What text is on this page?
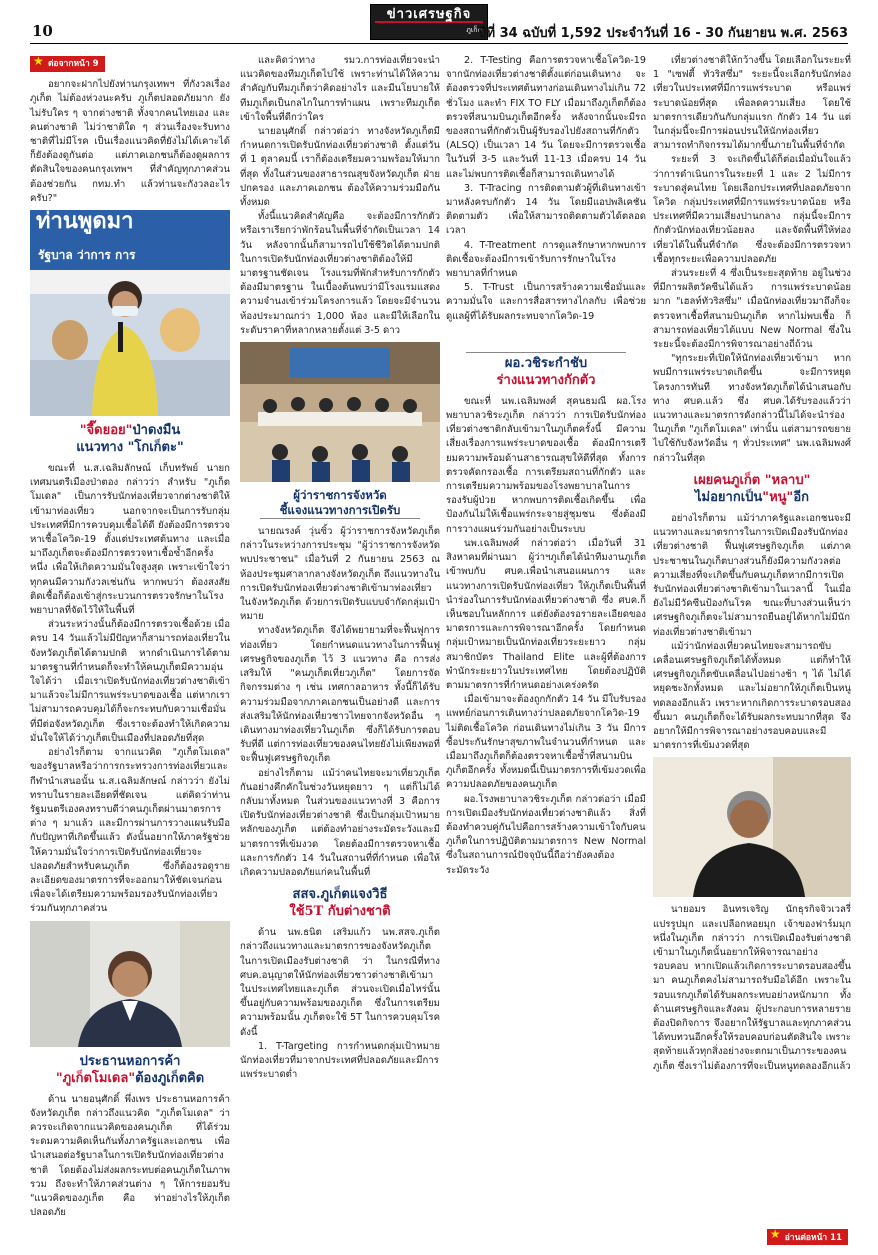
10
ข่าวเศรษฐกิจ
ภูเก็ต
ปีที่ 34 ฉบับที่ 1,592 ประจำวันที่ 16 - 30 กันยายน พ.ศ. 2563
★ ต่อจากหน้า 9

อยากจะฝากไปยังท่านกรุงเทพฯ ที่กังวลเรื่องภูเก็ต ไม่ต้องห่วงนะครับ ภูเก็ตปลอดภัยมาก ยังไม่รับใคร ๆ จากต่างชาติ ทั้งจากคนไทยเอง และคนต่างชาติ ไม่ว่าชาติใด ๆ ส่วนเรื่องจะรับทางชาติที่ไม่มีโรค เป็นเรื่องแนวคิดที่ยังไม่ได้เคาะได้ ก็ยังต้องดูกันต่อ แต่ภาคเอกชนก็ต้องดูผลการตัดสินใจของคนกรุงเทพฯ ที่สำคัญทุกภาคส่วนต้องช่วยกัน กทม.ทำ แล้วท่านจะกังวลอะไรครับ?"

ท่านพูดมา
รัฐบาล ว่าการ การ
"จี๊ดยอย"ป่าดงมืน
แนวทาง "โกเก็ตะ"

ขณะที่ น.ส.เฉลิมลักษณ์ เก็บทรัพย์ นายกเทศมนตรีเมืองป่าตอง กล่าวว่า สำหรับ "ภูเก็ตโมเดล" เป็นการรับนักท่องเที่ยวจากต่างชาติให้เข้ามาท่องเที่ยว นอกจากจะเป็นการรับกลุ่มประเทศที่มีการควบคุมเชื้อได้ดี ยังต้องมีการตรวจหาเชื้อโควิด-19 ตั้งแต่ประเทศต้นทาง และเมื่อมาถึงภูเก็ตจะต้องมีการตรวจหาเชื้อซ้ำอีกครั้งหนึ่ง เพื่อให้เกิดความมั่นใจสูงสุด เพราะเข้าใจว่าทุกคนมีความกังวลเช่นกัน หากพบว่า ต้องสงสัยติดเชื้อก็ต้องเข้าสู่กระบวนการตรวจรักษาในโรงพยาบาลที่จัดไว้ให้ในพื้นที่

ส่วนระหว่างนั้นก็ต้องมีการตรวจเชื้อด้วย เมื่อครบ 14 วันแล้วไม่มีปัญหาก็สามารถท่องเที่ยวในจังหวัดภูเก็ตได้ตามปกติ หากดำเนินการได้ตามมาตรฐานที่กำหนดก็จะทำให้คนภูเก็ตมีความอุ่นใจได้ว่า เมื่อเราเปิดรับนักท่องเที่ยวต่างชาติเข้ามาแล้วจะไม่มีการแพร่ระบาดของเชื้อ แต่หากเราไม่สามารถควบคุมได้ก็จะกระทบกับความเชื่อมั่นที่มีต่อจังหวัดภูเก็ต ซึ่งเราจะต้องทำให้เกิดความมั่นใจให้ได้ว่าภูเก็ตเป็นเมืองที่ปลอดภัยที่สุด

อย่างไรก็ตาม จากแนวคิด "ภูเก็ตโมเดล" ของรัฐบาลหรือว่าการกระทรวงการท่องเที่ยวและกีฬานำเสนอนั้น น.ส.เฉลิมลักษณ์ กล่าวว่า ยังไม่ทราบในรายละเอียดที่ชัดเจน แต่คิดว่าท่านรัฐมนตรีเองคงทราบดีว่าคนภูเก็ตผ่านมาตรการต่าง ๆ มาแล้ว และมีการผ่านการวางแผนรับมือกับปัญหาที่เกิดขึ้นแล้ว ดังนั้นอยากให้ภาครัฐช่วยให้ความมั่นใจว่าการเปิดรับนักท่องเที่ยวจะปลอดภัยสำหรับคนภูเก็ต ซึ่งก็ต้องรอดูรายละเอียดของมาตรการที่จะออกมาให้ชัดเจนก่อน เพื่อจะได้เตรียมความพร้อมรองรับนักท่องเที่ยวร่วมกันทุกภาคส่วน

ประธานหอการค้า
"ภูเก็ตโมเดล"ต้องภูเก็ตคิด

ด้าน นายอนุศักดิ์ พึ่งเพร ประธานหอการค้าจังหวัดภูเก็ต กล่าวถึงแนวคิด "ภูเก็ตโมเดล" ว่า ควรจะเกิดจากแนวคิดของคนภูเก็ต ที่ได้ร่วมระดมความคิดเห็นกันทั้งภาครัฐและเอกชน เพื่อนำเสนอต่อรัฐบาลในการเปิดรับนักท่องเที่ยวต่างชาติ โดยต้องไม่ส่งผลกระทบต่อคนภูเก็ตในภาพรวม ถึงจะทำให้ภาคส่วนต่าง ๆ ให้การยอมรับ "แนวคิดของภูเก็ต คือ ท่าอย่างไรให้ภูเก็ตปลอดภัย

และคิดว่าทาง รมว.การท่องเที่ยวจะนำแนวคิดของทีมภูเก็ตไปใช้ เพราะท่านได้ให้ความสำคัญกับทีมภูเก็ตว่าคิดอย่างไร และมีนโยบายให้ทีมภูเก็ตเป็นกลไกในการทำแผน เพราะทีมภูเก็ตเข้าใจพื้นที่ดีกว่าใคร

นายอนุศักดิ์ กล่าวต่อว่า ทางจังหวัดภูเก็ตมีกำหนดการเปิดรับนักท่องเที่ยวต่างชาติ ตั้งแต่วันที่ 1 ตุลาคมนี้ เราก็ต้องเตรียมความพร้อมให้มากที่สุด ทั้งในส่วนของสาธารณสุขจังหวัดภูเก็ต ฝ่ายปกครอง และภาคเอกชน ต้องให้ความร่วมมือกันทั้งหมด

ทั้งนี้แนวคิดสำคัญคือ จะต้องมีการกักตัว หรือเราเรียกว่าพักร้อนในพื้นที่จำกัดเป็นเวลา 14 วัน หลังจากนั้นก็สามารถไปใช้ชีวิตได้ตามปกติ ในการเปิดรับนักท่องเที่ยวต่างชาติต้องให้มีมาตรฐานชัดเจน โรงแรมที่พักสำหรับการกักตัวต้องมีมาตรฐาน ในเบื้องต้นพบว่ามีโรงแรมแสดงความจำนงเข้าร่วมโครงการแล้ว โดยจะมีจำนวนห้องประมาณกว่า 1,000 ห้อง และมีให้เลือกในระดับราคาที่หลากหลายตั้งแต่ 3-5 ดาว

ผู้ว่าราชการจังหวัด
ชี้แจงแนวทางการเปิดรับ

นายณรงค์ วุ่นซิ้ว ผู้ว่าราชการจังหวัดภูเก็ต กล่าวในระหว่างการประชุม "ผู้ว่าราชการจังหวัดพบประชาชน" เมื่อวันที่ 2 กันยายน 2563 ณ ห้องประชุมศาลากลางจังหวัดภูเก็ต ถึงแนวทางในการเปิดรับนักท่องเที่ยวต่างชาติเข้ามาท่องเที่ยวในจังหวัดภูเก็ต ด้วยการเปิดรับแบบจำกัดกลุ่มเป้าหมาย

ทางจังหวัดภูเก็ต จึงได้พยายามที่จะฟื้นฟูการท่องเที่ยว โดยกำหนดแนวทางในการฟื้นฟูเศรษฐกิจของภูเก็ต ไว้ 3 แนวทาง คือ การส่งเสริมให้ "คนภูเก็ตเที่ยวภูเก็ต" โดยการจัดกิจกรรมต่าง ๆ เช่น เทศกาลอาหาร ทั้งนี้ก็ได้รับความร่วมมือจากภาคเอกชนเป็นอย่างดี และการส่งเสริมให้นักท่องเที่ยวชาวไทยจากจังหวัดอื่น ๆ เดินทางมาท่องเที่ยวในภูเก็ต ซึ่งก็ได้รับการตอบรับที่ดี แต่การท่องเที่ยวของคนไทยยังไม่เพียงพอที่จะฟื้นฟูเศรษฐกิจภูเก็ต

อย่างไรก็ตาม แม้ว่าคนไทยจะมาเที่ยวภูเก็ตกันอย่างคึกคักในช่วงวันหยุดยาว ๆ แต่ก็ไม่ได้กลับมาทั้งหมด ในส่วนของแนวทางที่ 3 คือการเปิดรับนักท่องเที่ยวต่างชาติ ซึ่งเป็นกลุ่มเป้าหมายหลักของภูเก็ต แต่ต้องทำอย่างระมัดระวังและมีมาตรการที่เข้มงวด โดยต้องมีการตรวจหาเชื้อและการกักตัว 14 วันในสถานที่ที่กำหนด เพื่อให้เกิดความปลอดภัยแก่คนในพื้นที่

สสจ.ภูเก็ตแจงวิธี
ใช้5T กับต่างชาติ

ด้าน นพ.ธนิต เสริมแก้ว นพ.สสจ.ภูเก็ต กล่าวถึงแนวทางและมาตรการของจังหวัดภูเก็ตในการเปิดเมืองรับต่างชาติ ว่า ในกรณีที่ทาง ศบค.อนุญาตให้นักท่องเที่ยวชาวต่างชาติเข้ามาในประเทศไทยและภูเก็ต ส่วนจะเปิดเมื่อไหร่นั้นขึ้นอยู่กับความพร้อมของภูเก็ต ซึ่งในการเตรียมความพร้อมนั้น ภูเก็ตจะใช้ 5T ในการควบคุมโรค ดังนี้

1. T-Targeting การกำหนดกลุ่มเป้าหมายนักท่องเที่ยวที่มาจากประเทศที่ปลอดภัยและมีการแพร่ระบาดต่ำ

2. T-Testing คือการตรวจหาเชื้อโควิด-19 จากนักท่องเที่ยวต่างชาติตั้งแต่ก่อนเดินทาง จะต้องตรวจที่ประเทศต้นทางก่อนเดินทางไม่เกิน 72 ชั่วโมง และทำ FIX TO FLY เมื่อมาถึงภูเก็ตก็ต้องตรวจที่สนามบินภูเก็ตอีกครั้ง หลังจากนั้นจะมีรถของสถานที่กักตัวเป็นผู้รับรองไปยังสถานที่กักตัว (ALSQ) เป็นเวลา 14 วัน โดยจะมีการตรวจเชื้อในวันที่ 3-5 และวันที่ 11-13 เมื่อครบ 14 วันและไม่พบการติดเชื้อก็สามารถเดินทางได้

3. T-Tracing การติดตามตัวผู้ที่เดินทางเข้ามาหลังครบกักตัว 14 วัน โดยมีแอปพลิเคชันติดตามตัว เพื่อให้สามารถติดตามตัวได้ตลอดเวลา

4. T-Treatment การดูแลรักษาหากพบการติดเชื้อจะต้องมีการเข้ารับการรักษาในโรงพยาบาลที่กำหนด

5. T-Trust เป็นการสร้างความเชื่อมั่นและความมั่นใจ และการสื่อสารทางไกลกับ เพื่อช่วยดูแลผู้ที่ได้รับผลกระทบจากโควิด-19

ผอ.วชิระกำชับ
ร่างแนวทางกักตัว

ขณะที่ นพ.เฉลิมพงศ์ สุคนธมณี ผอ.โรงพยาบาลวชิระภูเก็ต กล่าวว่า การเปิดรับนักท่องเที่ยวต่างชาติกลับเข้ามาในภูเก็ตครั้งนี้ มีความเสี่ยงเรื่องการแพร่ระบาดของเชื้อ ต้องมีการเตรียมความพร้อมด้านสาธารณสุขให้ดีที่สุด ทั้งการตรวจคัดกรองเชื้อ การเตรียมสถานที่กักตัว และการเตรียมความพร้อมของโรงพยาบาลในการรองรับผู้ป่วย หากพบการติดเชื้อเกิดขึ้น เพื่อป้องกันไม่ให้เชื้อแพร่กระจายสู่ชุมชน ซึ่งต้องมีการวางแผนร่วมกันอย่างเป็นระบบ

นพ.เฉลิมพงศ์ กล่าวต่อว่า เมื่อวันที่ 31 สิงหาคมที่ผ่านมา ผู้ว่าฯภูเก็ตได้นำทีมงานภูเก็ตเข้าพบกับ ศบค.เพื่อนำเสนอแผนการ และแนวทางการเปิดรับนักท่องเที่ยว ให้ภูเก็ตเป็นพื้นที่นำร่องในการรับนักท่องเที่ยวต่างชาติ ซึ่ง ศบค.ก็เห็นชอบในหลักการ แต่ยังต้องรอรายละเอียดของมาตรการและการพิจารณาอีกครั้ง โดยกำหนดกลุ่มเป้าหมายเป็นนักท่องเที่ยวระยะยาว กลุ่มสมาชิกบัตร Thailand Elite และผู้ที่ต้องการพำนักระยะยาวในประเทศไทย โดยต้องปฏิบัติตามมาตรการที่กำหนดอย่างเคร่งครัด

เมื่อเข้ามาจะต้องถูกกักตัว 14 วัน มีใบรับรองแพทย์ก่อนการเดินทางว่าปลอดภัยจากโควิด-19 ไม่ติดเชื้อโควิด ก่อนเดินทางไม่เกิน 3 วัน มีการซื้อประกันรักษาสุขภาพในจำนวนที่กำหนด และเมื่อมาถึงภูเก็ตก็ต้องตรวจหาเชื้อซ้ำที่สนามบินภูเก็ตอีกครั้ง ทั้งหมดนี้เป็นมาตรการที่เข้มงวดเพื่อความปลอดภัยของคนภูเก็ต

ผอ.โรงพยาบาลวชิระภูเก็ต กล่าวต่อว่า เมื่อมีการเปิดเมืองรับนักท่องเที่ยวต่างชาติแล้ว สิ่งที่ต้องทำควบคู่กันไปคือการสร้างความเข้าใจกับคนภูเก็ตในการปฏิบัติตามมาตรการ New Normal ซึ่งในสถานการณ์ปัจจุบันนี้ถือว่ายังคงต้องระมัดระวัง

เที่ยวต่างชาติให้กว้างขึ้น โดยเลือกในระยะที่ 1 "เซฟตี้ ทัวริสซึ่ม" ระยะนี้จะเลือกรับนักท่องเที่ยวในประเทศที่มีการแพร่ระบาด หรือแพร่ระบาดน้อยที่สุด เพื่อลดความเสี่ยง โดยใช้มาตรการเดียวกันกับกลุ่มแรก กักตัว 14 วัน แต่ในกลุ่มนี้จะมีการผ่อนปรนให้นักท่องเที่ยวสามารถทำกิจกรรมได้มากขึ้นภายในพื้นที่จำกัด

ระยะที่ 3 จะเกิดขึ้นได้ก็ต่อเมื่อมั่นใจแล้วว่าการดำเนินการในระยะที่ 1 และ 2 ไม่มีการระบาดสู่คนไทย โดยเลือกประเทศที่ปลอดภัยจากโควิด กลุ่มประเทศที่มีการแพร่ระบาดน้อย หรือ ประเทศที่มีความเสี่ยงปานกลาง กลุ่มนี้จะมีการกักตัวนักท่องเที่ยวน้อยลง และจัดพื้นที่ให้ท่องเที่ยวได้ในพื้นที่จำกัด ซึ่งจะต้องมีการตรวจหาเชื้อทุกระยะเพื่อความปลอดภัย

ส่วนระยะที่ 4 ซึ่งเป็นระยะสุดท้าย อยู่ในช่วงที่มีการผลิตวัคซีนได้แล้ว การแพร่ระบาดน้อยมาก "เฮลท์ทัวริสซึ่ม" เมื่อนักท่องเที่ยวมาถึงก็จะตรวจหาเชื้อที่สนามบินภูเก็ต หากไม่พบเชื้อ ก็สามารถท่องเที่ยวได้แบบ New Normal ซึ่งในระยะนี้จะต้องมีการพิจารณาอย่างถี่ถ้วน

"ทุกระยะที่เปิดให้นักท่องเที่ยวเข้ามา หากพบมีการแพร่ระบาดเกิดขึ้น จะมีการหยุดโครงการทันที ทางจังหวัดภูเก็ตได้นำเสนอกับทาง ศบค.แล้ว ซึ่ง ศบค.ได้รับรองแล้วว่าแนวทางและมาตรการดังกล่าวนี้ไม่ได้จะนำร่องในภูเก็ต "ภูเก็ตโมเดล" เท่านั้น แต่สามารถขยายไปใช้กับจังหวัดอื่น ๆ ทั่วประเทศ" นพ.เฉลิมพงศ์ กล่าวในที่สุด

เผยคนภูเก็ต "หลาบ"
ไม่อยากเป็น"หนู"อีก

อย่างไรก็ตาม แม้ว่าภาครัฐและเอกชนจะมีแนวทางและมาตรการในการเปิดเมืองรับนักท่องเที่ยวต่างชาติ ฟื้นฟูเศรษฐกิจภูเก็ต แต่ภาคประชาชนในภูเก็ตบางส่วนก็ยังมีความกังวลต่อความเสี่ยงที่จะเกิดขึ้นกับคนภูเก็ตหากมีการเปิดรับนักท่องเที่ยวต่างชาติเข้ามาในเวลานี้ ในเมื่อยังไม่มีวัคซีนป้องกันโรค ขณะที่บางส่วนเห็นว่าเศรษฐกิจภูเก็ตจะไม่สามารถยืนอยู่ได้หากไม่มีนักท่องเที่ยวต่างชาติเข้ามา

แม้ว่านักท่องเที่ยวคนไทยจะสามารถขับเคลื่อนเศรษฐกิจภูเก็ตได้ทั้งหมด แต่ก็ทำให้เศรษฐกิจภูเก็ตขับเคลื่อนไปอย่างช้า ๆ ได้ ไม่ได้หยุดชะงักทั้งหมด และไม่อยากให้ภูเก็ตเป็นหนูทดลองอีกแล้ว เพราะหากเกิดการระบาดรอบสองขึ้นมา คนภูเก็ตก็จะได้รับผลกระทบมากที่สุด จึงอยากให้มีการพิจารณาอย่างรอบคอบและมีมาตรการที่เข้มงวดที่สุด

นายอมร อินทรเจริญ นักธุรกิจจิวเวลรี่ แปรรูปมุก และเปลือกหอยมุก เจ้าของฟาร์มมุกหนึ่งในภูเก็ต กล่าวว่า การเปิดเมืองรับต่างชาติเข้ามาในภูเก็ตนั้นอยากให้พิจารณาอย่างรอบคอบ หากเปิดแล้วเกิดการระบาดรอบสองขึ้นมา คนภูเก็ตคงไม่สามารถรับมือได้อีก เพราะในรอบแรกภูเก็ตได้รับผลกระทบอย่างหนักมาก ทั้งด้านเศรษฐกิจและสังคม ผู้ประกอบการหลายรายต้องปิดกิจการ จึงอยากให้รัฐบาลและทุกภาคส่วนได้ทบทวนอีกครั้งให้รอบคอบก่อนตัดสินใจ เพราะสุดท้ายแล้วทุกสิ่งอย่างจะตกมาเป็นภาระของคนภูเก็ต ซึ่งเราไม่ต้องการที่จะเป็นหนูทดลองอีกแล้ว

★ อ่านต่อหน้า 11
